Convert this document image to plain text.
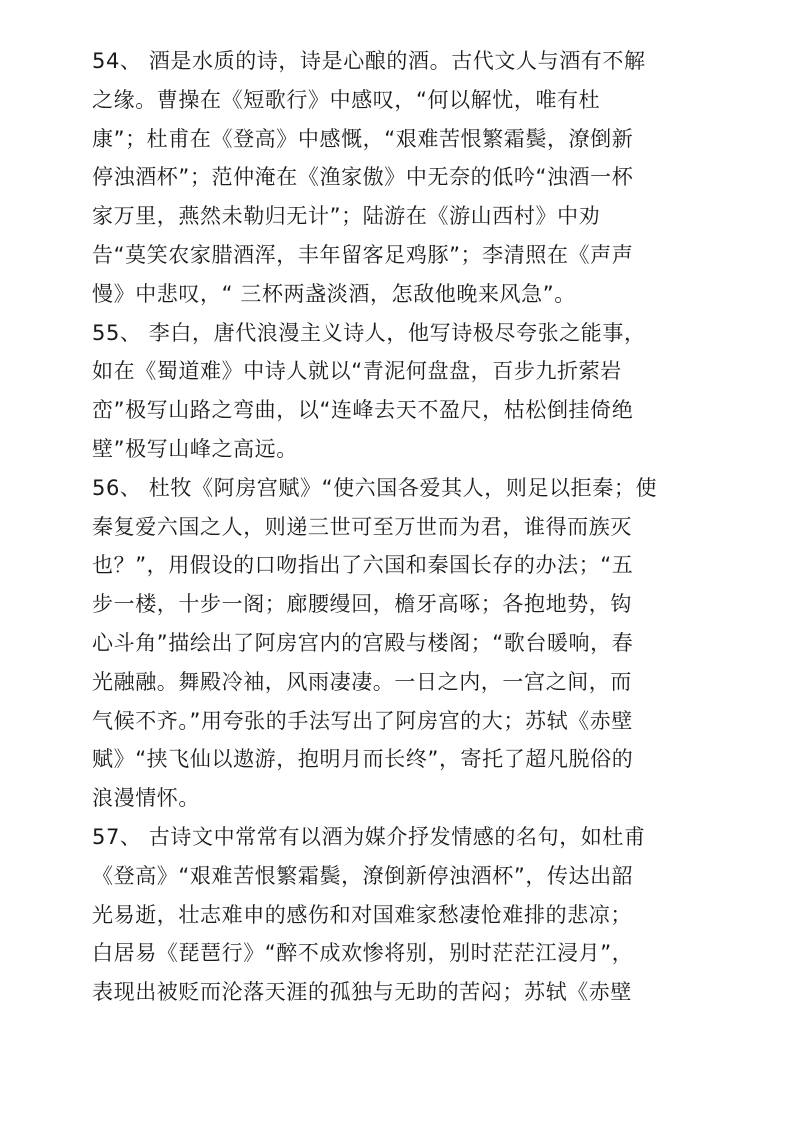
54、 酒是水质的诗，诗是心酿的酒。古代文人与酒有不解
之缘。曹操在《短歌行》中感叹，“何以解忧，唯有杜
康”；杜甫在《登高》中感慨，“艰难苦恨繁霜鬓，潦倒新
停浊酒杯”；范仲淹在《渔家傲》中无奈的低吟“浊酒一杯
家万里，燕然未勒归无计”；陆游在《游山西村》中劝
告“莫笑农家腊酒浑，丰年留客足鸡豚”；李清照在《声声
慢》中悲叹，“ 三杯两盏淡酒，怎敌他晚来风急”。
55、 李白，唐代浪漫主义诗人，他写诗极尽夸张之能事，
如在《蜀道难》中诗人就以“青泥何盘盘，百步九折萦岩
峦”极写山路之弯曲，以“连峰去天不盈尺，枯松倒挂倚绝
壁”极写山峰之高远。
56、 杜牧《阿房宫赋》“使六国各爱其人，则足以拒秦；使
秦复爱六国之人，则递三世可至万世而为君，谁得而族灭
也？”，用假设的口吻指出了六国和秦国长存的办法；“五
步一楼，十步一阁；廊腰缦回，檐牙高啄；各抱地势，钩
心斗角”描绘出了阿房宫内的宫殿与楼阁；“歌台暖响，春
光融融。舞殿冷袖，风雨凄凄。一日之内，一宫之间，而
气候不齐。”用夸张的手法写出了阿房宫的大；苏轼《赤壁
赋》“挟飞仙以遨游，抱明月而长终”，寄托了超凡脱俗的
浪漫情怀。
57、 古诗文中常常有以酒为媒介抒发情感的名句，如杜甫
《登高》“艰难苦恨繁霜鬓，潦倒新停浊酒杯”，传达出韶
光易逝，壮志难申的感伤和对国难家愁凄怆难排的悲凉；
白居易《琵琶行》“醉不成欢惨将别，别时茫茫江浸月”，
表现出被贬而沦落天涯的孤独与无助的苦闷；苏轼《赤壁
